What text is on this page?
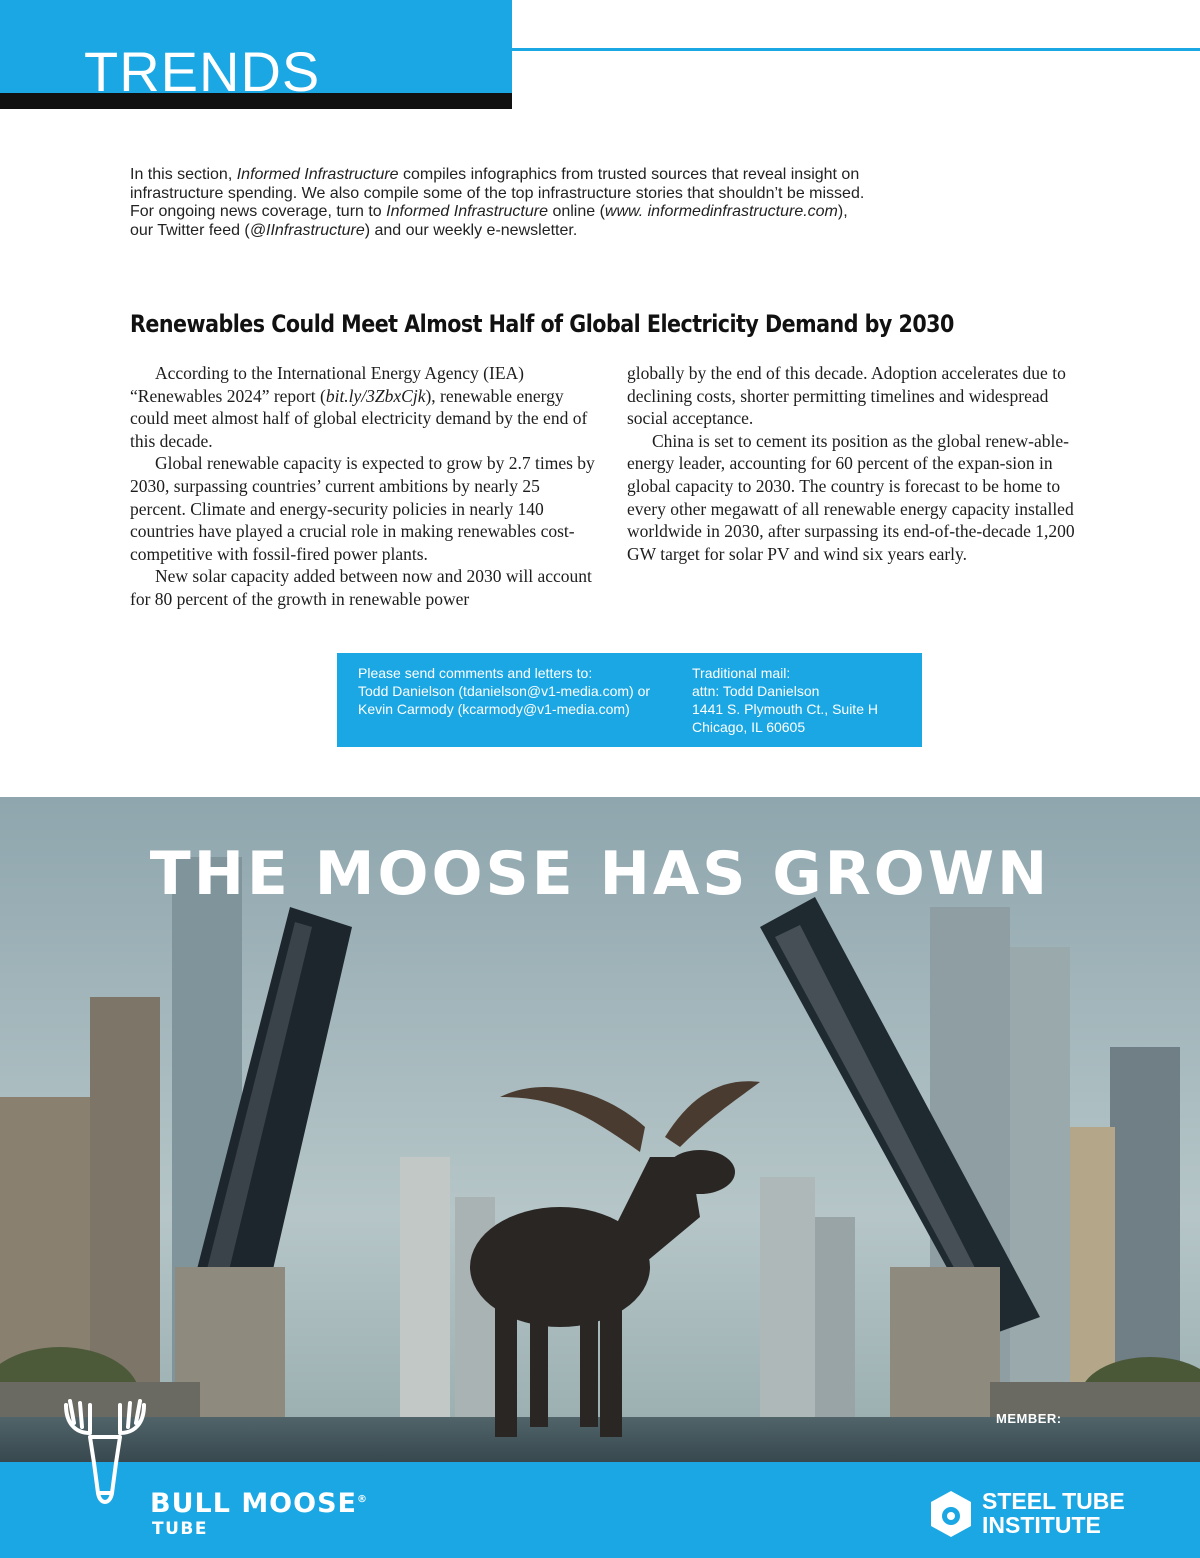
TRENDS
In this section, Informed Infrastructure compiles infographics from trusted sources that reveal insight on infrastructure spending. We also compile some of the top infrastructure stories that shouldn’t be missed. For ongoing news coverage, turn to Informed Infrastructure online (www. informedinfrastructure.com), our Twitter feed (@IInfrastructure) and our weekly e-newsletter.
Renewables Could Meet Almost Half of Global Electricity Demand by 2030

According to the International Energy Agency (IEA) “Renewables 2024” report (bit.ly/3ZbxCjk), renewable energy could meet almost half of global electricity demand by the end of this decade.

Global renewable capacity is expected to grow by 2.7 times by 2030, surpassing countries’ current ambitions by nearly 25 percent. Climate and energy-security policies in nearly 140 countries have played a crucial role in making renewables cost-competitive with fossil-fired power plants.

New solar capacity added between now and 2030 will account for 80 percent of the growth in renewable power

globally by the end of this decade. Adoption accelerates due to declining costs, shorter permitting timelines and widespread social acceptance.

China is set to cement its position as the global renew-able-energy leader, accounting for 60 percent of the expan-sion in global capacity to 2030. The country is forecast to be home to every other megawatt of all renewable energy capacity installed worldwide in 2030, after surpassing its end-of-the-decade 1,200 GW target for solar PV and wind six years early.

Please send comments and letters to:
Todd Danielson (tdanielson@v1-media.com) or
Kevin Carmody (kcarmody@v1-media.com)
Traditional mail:
attn: Todd Danielson
1441 S. Plymouth Ct., Suite H
Chicago, IL 60605
THE MOOSE HAS GROWN
BULL MOOSE®
TUBE
MEMBER:
STEEL TUBE
INSTITUTE
